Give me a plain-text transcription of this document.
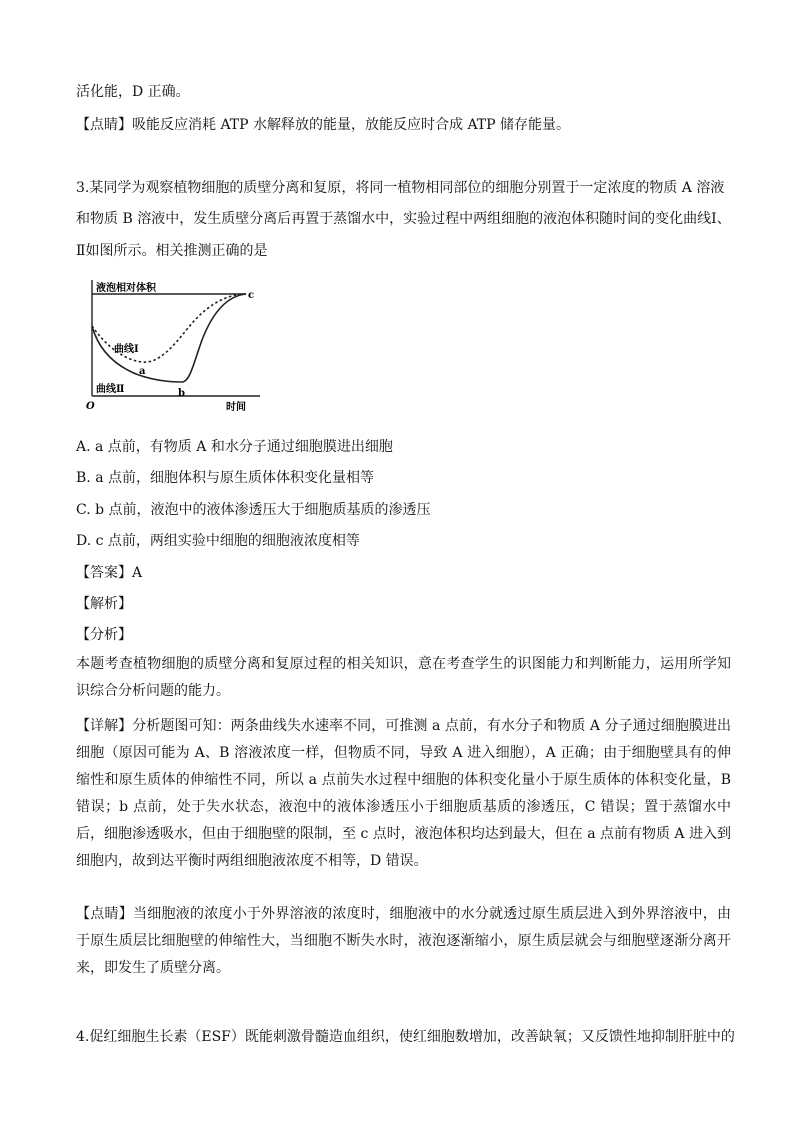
活化能，D 正确。
【点睛】吸能反应消耗 ATP 水解释放的能量，放能反应时合成 ATP 储存能量。
3.某同学为观察植物细胞的质壁分离和复原，将同一植物相同部位的细胞分别置于一定浓度的物质 A 溶液
和物质 B 溶液中，发生质壁分离后再置于蒸馏水中，实验过程中两组细胞的液泡体积随时间的变化曲线Ⅰ、
Ⅱ如图所示。相关推测正确的是
液泡相对体积
c
曲线Ⅰ
a
曲线Ⅱ	b
O	时间
A. a 点前，有物质 A 和水分子通过细胞膜进出细胞
B. a 点前，细胞体积与原生质体体积变化量相等
C. b 点前，液泡中的液体渗透压大于细胞质基质的渗透压
D. c 点前，两组实验中细胞的细胞液浓度相等
【答案】A
【解析】
【分析】
本题考查植物细胞的质壁分离和复原过程的相关知识，意在考查学生的识图能力和判断能力，运用所学知识综合分析问题的能力。
【详解】分析题图可知：两条曲线失水速率不同，可推测 a 点前，有水分子和物质 A 分子通过细胞膜进出细胞（原因可能为 A、B 溶液浓度一样，但物质不同，导致 A 进入细胞），A 正确；由于细胞壁具有的伸缩性和原生质体的伸缩性不同，所以 a 点前失水过程中细胞的体积变化量小于原生质体的体积变化量，B 错误；b 点前，处于失水状态，液泡中的液体渗透压小于细胞质基质的渗透压，C 错误；置于蒸馏水中后，细胞渗透吸水，但由于细胞壁的限制，至 c 点时，液泡体积均达到最大，但在 a 点前有物质 A 进入到细胞内，故到达平衡时两组细胞液浓度不相等，D 错误。
【点睛】当细胞液的浓度小于外界溶液的浓度时，细胞液中的水分就透过原生质层进入到外界溶液中，由于原生质层比细胞壁的伸缩性大，当细胞不断失水时，液泡逐渐缩小，原生质层就会与细胞壁逐渐分离开来，即发生了质壁分离。
4.促红细胞生长素（ESF）既能刺激骨髓造血组织，使红细胞数增加，改善缺氧；又反馈性地抑制肝脏中的
